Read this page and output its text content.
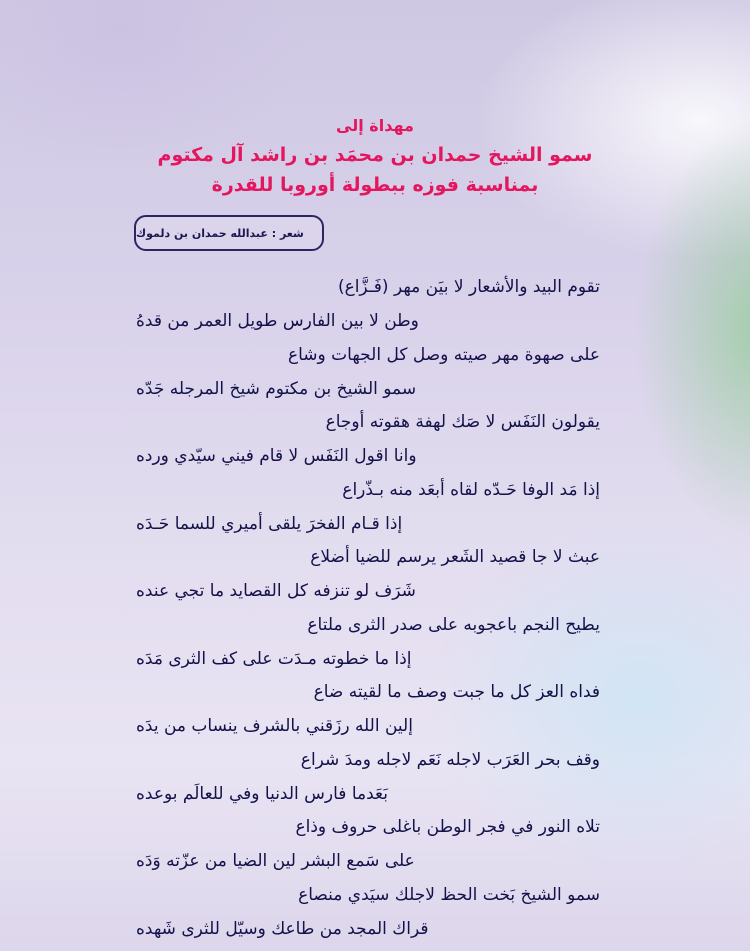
مهداة إلى
سمو الشيخ حمدان بن محمَد بن راشد آل مكتوم
بمناسبة فوزه ببطولة أوروبا للقدرة
شعر : عبدالله حمدان بن دلموك
تقوم البيد والأشعار لا بيَن مهر (فَـزَّاع)
وطن لا بين الفارس طويل العمر من قدهُ
على صهوة مهر صيته وصل كل الجهات وشاع
سمو الشيخ بن مكتوم شيخ المرجله جَدّه
يقولون النَفَس لا صَك لهفة هقوته أوجاع
وانا اقول النَفَس لا قام فيني سيّدي ورده
إذا مَد الوفا حَـدّه لقاه أبعَد منه بـذّراع
إذا قـام الفخرَ يلقى أميري للسما حَـدَه
عبث لا جا قصيد الشَعر يرسم للضيا أضلاع
شَرَف لو تنزفه كل القصايد ما تجي عنده
يطيح النجم باعجوبه على صدر الثرى ملتاع
إذا ما خطوته مـدَت على كف الثرى مَدَه
فداه العز كل ما جبت وصف ما لقيته ضاع
إلين الله رزَقني بالشرف ينساب من يدَه
وقف بحر العَرَب لاجله نَعَم لاجله ومدَ شراع
بَعَدما فارس الدنيا وفي للعالَم بوعده
تلاه النور في فجر الوطن باغلى حروف وذاع
على سَمع البشر لين الضيا من عزّته وَدَه
سمو الشيخ بَخت الحظ لاجلك سيَدي منصاع
قراك المجد من طاعك وسيّل للثرى شَهده
